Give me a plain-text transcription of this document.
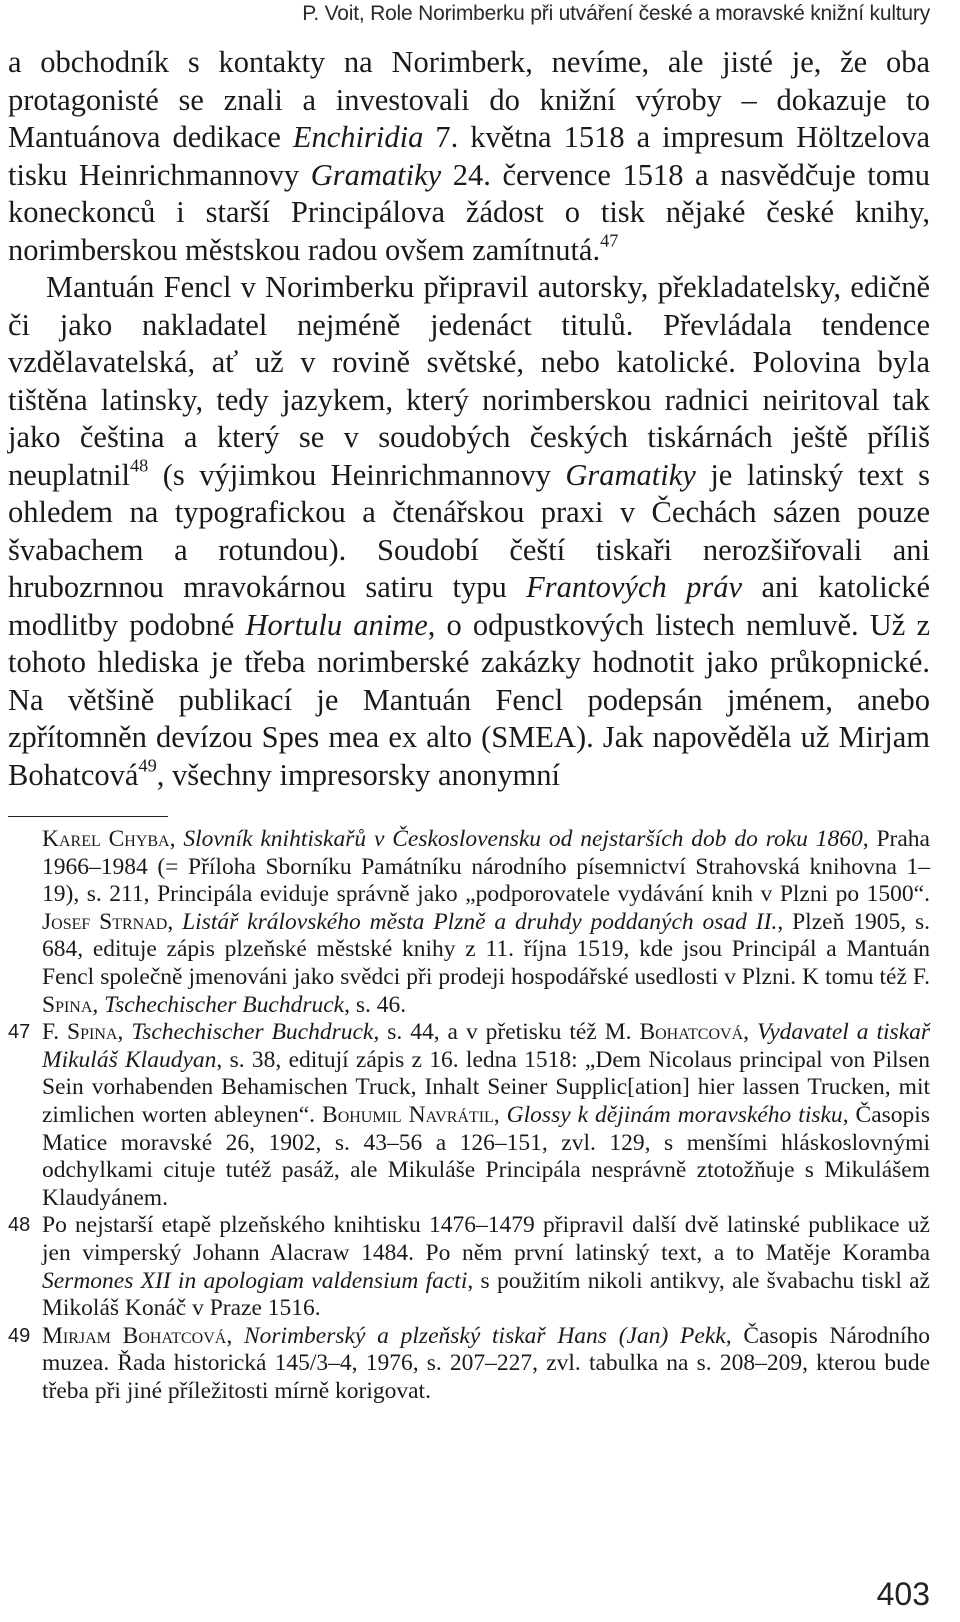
P. Voit, Role Norimberku při utváření české a moravské knižní kultury

a obchodník s kontakty na Norimberk, nevíme, ale jisté je, že oba protagonisté se znali a investovali do knižní výroby – dokazuje to Mantuánova dedikace Enchiridia 7. května 1518 a impresum Höltzelova tisku Heinrichmannovy Gramatiky 24. července 1518 a nasvědčuje tomu koneckonců i starší Principálova žádost o tisk nějaké české knihy, norimberskou městskou radou ovšem zamítnutá.$^{47}$

Mantuán Fencl v Norimberku připravil autorsky, překladatelsky, edičně či jako nakladatel nejméně jedenáct titulů. Převládala tendence vzdělavatelská, ať už v rovině světské, nebo katolické. Polovina byla tištěna latinsky, tedy jazykem, který norimberskou radnici neiritoval tak jako čeština a který se v soudobých českých tiskárnách ještě příliš neuplatnil$^{48}$ (s výjimkou Heinrichmannovy Gramatiky je latinský text s ohledem na typografickou a čtenářskou praxi v Čechách sázen pouze švabachem a rotundou). Soudobí čeští tiskaři nerozšiřovali ani hrubozrnnou mravokárnou satiru typu Frantových práv ani katolické modlitby podobné Hortulu anime, o odpustkových listech nemluvě. Už z tohoto hlediska je třeba norimberské zakázky hodnotit jako průkopnické. Na většině publikací je Mantuán Fencl podepsán jménem, anebo zpřítomněn devízou Spes mea ex alto (SMEA). Jak napověděla už Mirjam Bohatcová$^{49}$, všechny impresorsky anonymní

Karel Chyba, Slovník knihtiskařů v Československu od nejstarších dob do roku 1860, Praha 1966–1984 (= Příloha Sborníku Památníku národního písemnictví Strahovská knihovna 1–19), s. 211, Principála eviduje správně jako „podporovatele vydávání knih v Plzni po 1500“. Josef Strnad, Listář královského města Plzně a druhdy poddaných osad II., Plzeň 1905, s. 684, edituje zápis plzeňské městské knihy z 11. října 1519, kde jsou Principál a Mantuán Fencl společně jmenováni jako svědci při prodeji hospodářské usedlosti v Plzni. K tomu též F. Spina, Tschechischer Buchdruck, s. 46.
47 F. Spina, Tschechischer Buchdruck, s. 44, a v přetisku též M. Bohatcová, Vydavatel a tiskař Mikuláš Klaudyan, s. 38, editují zápis z 16. ledna 1518: „Dem Nicolaus principal von Pilsen Sein vorhabenden Behamischen Truck, Inhalt Seiner Supplic[ation] hier lassen Trucken, mit zimlichen worten ableynen“. Bohumil Navrátil, Glossy k dějinám moravského tisku, Časopis Matice moravské 26, 1902, s. 43–56 a 126–151, zvl. 129, s menšími hláskoslovnými odchylkami cituje tutéž pasáž, ale Mikuláše Principála nesprávně ztotožňuje s Mikulášem Klaudyánem.
48 Po nejstarší etapě plzeňského knihtisku 1476–1479 připravil další dvě latinské publikace už jen vimperský Johann Alacraw 1484. Po něm první latinský text, a to Matěje Koramba Sermones XII in apologiam valdensium facti, s použitím nikoli antikvy, ale švabachu tiskl až Mikoláš Konáč v Praze 1516.
49 Mirjam Bohatcová, Norimberský a plzeňský tiskař Hans (Jan) Pekk, Časopis Národního muzea. Řada historická 145/3–4, 1976, s. 207–227, zvl. tabulka na s. 208–209, kterou bude třeba při jiné příležitosti mírně korigovat.
403
